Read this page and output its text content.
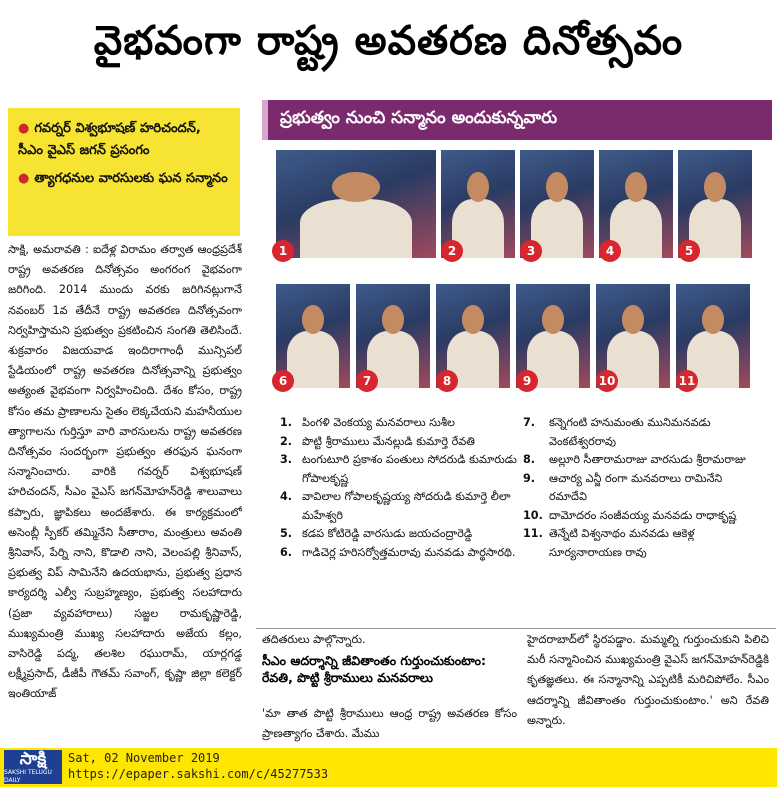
వైభవంగా రాష్ట్ర అవతరణ దినోత్సవం
● గవర్నర్ విశ్వభూషణ్ హరిచందన్, సీఎం వైఎస్ జగన్ ప్రసంగం
● త్యాగధనుల వారసులకు ఘన సన్మానం

సాక్షి, అమరావతి : ఐదేళ్ల విరామం తర్వాత ఆంధ్రప్రదేశ్ రాష్ట్ర అవతరణ దినోత్సవం అంగరంగ వైభవంగా జరిగింది. 2014 ముందు వరకు జరిగినట్లుగానే నవంబర్ 1వ తేదీనే రాష్ట్ర అవతరణ దినోత్సవంగా నిర్వహిస్తామని ప్రభుత్వం ప్రకటించిన సంగతి తెలిసిందే. శుక్రవారం విజయవాడ ఇందిరాగాంధీ మున్సిపల్ స్టేడియంలో రాష్ట్ర అవతరణ దినోత్సవాన్ని ప్రభుత్వం అత్యంత వైభవంగా నిర్వహించింది. దేశం కోసం, రాష్ట్ర కోసం తమ ప్రాణాలను సైతం లెక్కచేయని మహనీయుల త్యాగాలను గుర్తిస్తూ వారి వారసులను రాష్ట్ర అవతరణ దినోత్సవం సందర్భంగా ప్రభుత్వం తరఫున ఘనంగా సన్మానించారు. వారికి గవర్నర్ విశ్వభూషణ్ హరిచందన్, సీఎం వైఎస్ జగన్‌మోహన్‌రెడ్డి శాలువాలు కప్పారు, జ్ఞాపికలు అందజేశారు. ఈ కార్యక్రమంలో అసెంబ్లీ స్పీకర్ తమ్మినేని సీతారాం, మంత్రులు అవంతి శ్రీనివాస్, పేర్ని నాని, కొడాలి నాని, వెలంపల్లి శ్రీనివాస్, ప్రభుత్వ విప్ సామినేని ఉదయభాను, ప్రభుత్వ ప్రధాన కార్యదర్శి ఎల్వీ సుబ్రహ్మణ్యం, ప్రభుత్వ సలహాదారు (ప్రజా వ్యవహారాలు) సజ్జల రామకృష్ణారెడ్డి, ముఖ్యమంత్రి ముఖ్య సలహాదారు అజేయ కల్లం, వాసిరెడ్డి పద్మ, తలశిల రఘురామ్, యార్లగడ్డ లక్ష్మీప్రసాద్, డీజీపీ గౌతమ్ సవాంగ్, కృష్ణా జిల్లా కలెక్టర్ ఇంతియాజ్

ప్రభుత్వం నుంచి సన్మానం అందుకున్నవారు
1	2	3	4	5
6	7	8	9	10	11
1. పింగళి వెంకయ్య మనవరాలు సుశీల
2. పొట్టి శ్రీరాములు మేనల్లుడి కుమార్తె రేవతి
3. టంగుటూరి ప్రకాశం పంతులు సోదరుడి కుమారుడు గోపాలకృష్ణ
4. వావిలాల గోపాలకృష్ణయ్య సోదరుడి కుమార్తె లీలా మహేశ్వరి
5. కడప కోటిరెడ్డి వారసుడు జయచంద్రారెడ్డి
6. గాడిచెర్ల హరిసర్వోత్తమరావు మనవడు పార్థసారథి.
7. కన్నెగంటి హనుమంతు మునిమనవడు వెంకటేశ్వరరావు
8. అల్లూరి సీతారామరాజు వారసుడు శ్రీరామరాజు
9. ఆచార్య ఎన్జీ రంగా మనవరాలు రామినేని రమాదేవి
10. దామోదరం సంజీవయ్య మనవడు రాధాకృష్ణ
11. తెన్నేటి విశ్వనాథం మనవడు ఆకెళ్ల సూర్యనారాయణ రావు

తదితరులు పాల్గొన్నారు.

సీఎం ఆదర్శాన్ని జీవితాంతం గుర్తుంచుకుంటాం: రేవతి, పొట్టి శ్రీరాములు మనవరాలు

'మా తాత పొట్టి శ్రీరాములు ఆంధ్ర రాష్ట్ర అవతరణ కోసం ప్రాణత్యాగం చేశారు. మేము

హైదరాబాద్‌లో స్థిరపడ్డాం. మమ్మల్ని గుర్తుంచుకుని పిలిచి మరీ సన్మానించిన ముఖ్యమంత్రి వైఎస్ జగన్‌మోహన్‌రెడ్డికి కృతజ్ఞతలు. ఈ సన్మానాన్ని ఎప్పటికీ మరిచిపోలేం. సీఎం ఆదర్శాన్ని జీవితాంతం గుర్తుంచుకుంటాం.' అని రేవతి అన్నారు.

సాక్షి
SAKSHI TELUGU DAILY
Sat, 02 November 2019
https://epaper.sakshi.com/c/45277533
